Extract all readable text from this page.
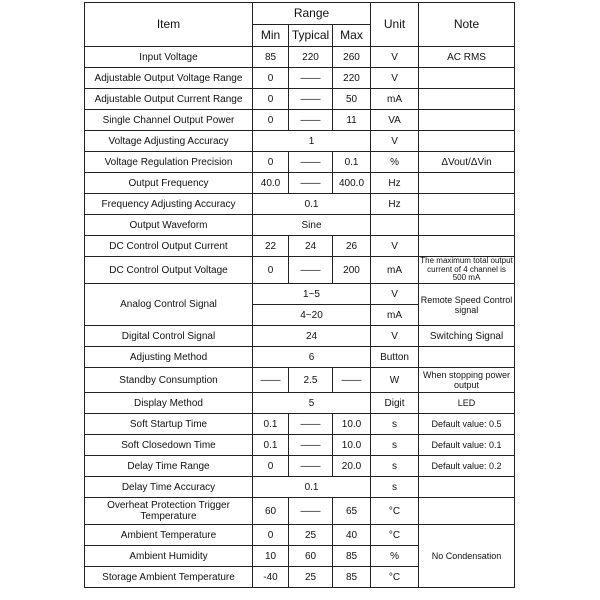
Item	Range			Unit	Note
	Min	Typical	Max		
Input Voltage	85	220	260	V	AC RMS
Adjustable Output Voltage Range	0	——	220	V	
Adjustable Output Current Range	0	——	50	mA	
Single Channel Output Power	0	——	11	VA	
Voltage Adjusting Accuracy	1			V	
Voltage Regulation Precision	0	——	0.1	%	ΔVout/ΔVin
Output Frequency	40.0	——	400.0	Hz	
Frequency Adjusting Accuracy	0.1			Hz	
Output Waveform	Sine				
DC Control Output Current	22	24	26	V	
DC Control Output Voltage	0	——	200	mA	The maximum total output current of 4 channel is 500 mA
Analog Control Signal	1~5			V	Remote Speed Control signal
	4~20			mA	
Digital Control Signal	24			V	Switching Signal
Adjusting Method	6			Button	
Standby Consumption	——	2.5	——	W	When stopping power output
Display Method	5			Digit	LED
Soft Startup Time	0.1	——	10.0	s	Default value: 0.5
Soft Closedown Time	0.1	——	10.0	s	Default value: 0.1
Delay Time Range	0	——	20.0	s	Default value: 0.2
Delay Time Accuracy	0.1			s	
Overheat Protection Trigger Temperature	60	——	65	°C	
Ambient Temperature	0	25	40	°C	No Condensation
Ambient Humidity	10	60	85	%	
Storage Ambient Temperature	-40	25	85	°C	
